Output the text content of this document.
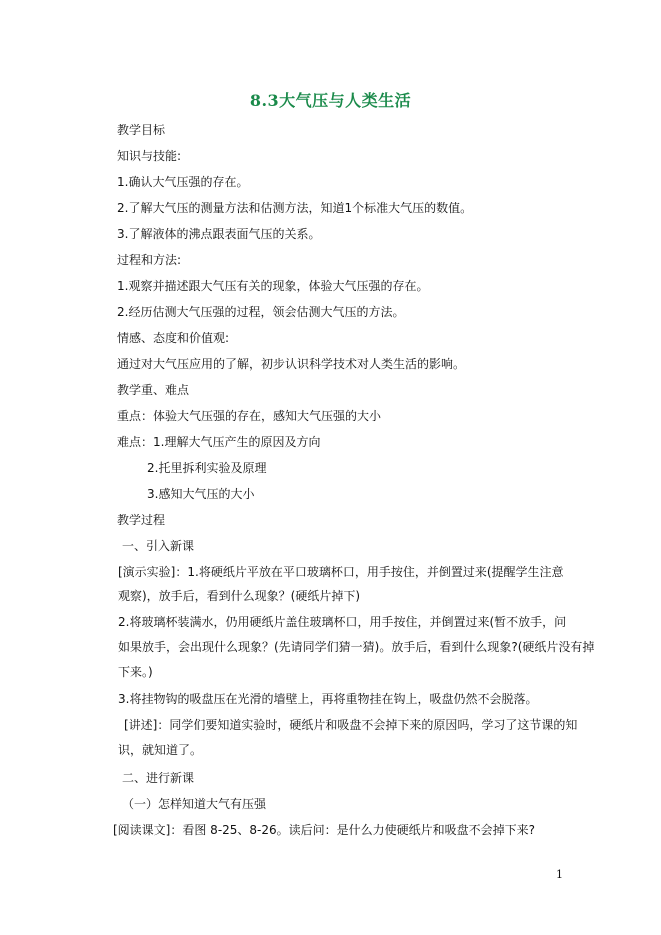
8.3大气压与人类生活
教学目标
知识与技能:
1.确认大气压强的存在。
2.了解大气压的测量方法和估测方法，知道1个标准大气压的数值。
3.了解液体的沸点跟表面气压的关系。
过程和方法:
1.观察并描述跟大气压有关的现象，体验大气压强的存在。
2.经历估测大气压强的过程，领会估测大气压的方法。
情感、态度和价值观:
通过对大气压应用的了解，初步认识科学技术对人类生活的影响。
教学重、难点
重点：体验大气压强的存在，感知大气压强的大小
难点：1.理解大气压产生的原因及方向
2.托里拆利实验及原理
3.感知大气压的大小
教学过程
一、引入新课
[演示实验]：1.将硬纸片平放在平口玻璃杯口，用手按住，并倒置过来(提醒学生注意
观察)，放手后，看到什么现象？(硬纸片掉下)
2.将玻璃杯装满水，仍用硬纸片盖住玻璃杯口，用手按住，并倒置过来(暂不放手，问
如果放手，会出现什么现象？(先请同学们猜一猜)。放手后，看到什么现象?(硬纸片没有掉
下来。)
3.将挂物钩的吸盘压在光滑的墙壁上，再将重物挂在钩上，吸盘仍然不会脱落。
[讲述]：同学们要知道实验时，硬纸片和吸盘不会掉下来的原因吗，学习了这节课的知
识，就知道了。
二、进行新课
（一）怎样知道大气有压强
[阅读课文]：看图 8-25、8-26。读后问：是什么力使硬纸片和吸盘不会掉下来?
1
